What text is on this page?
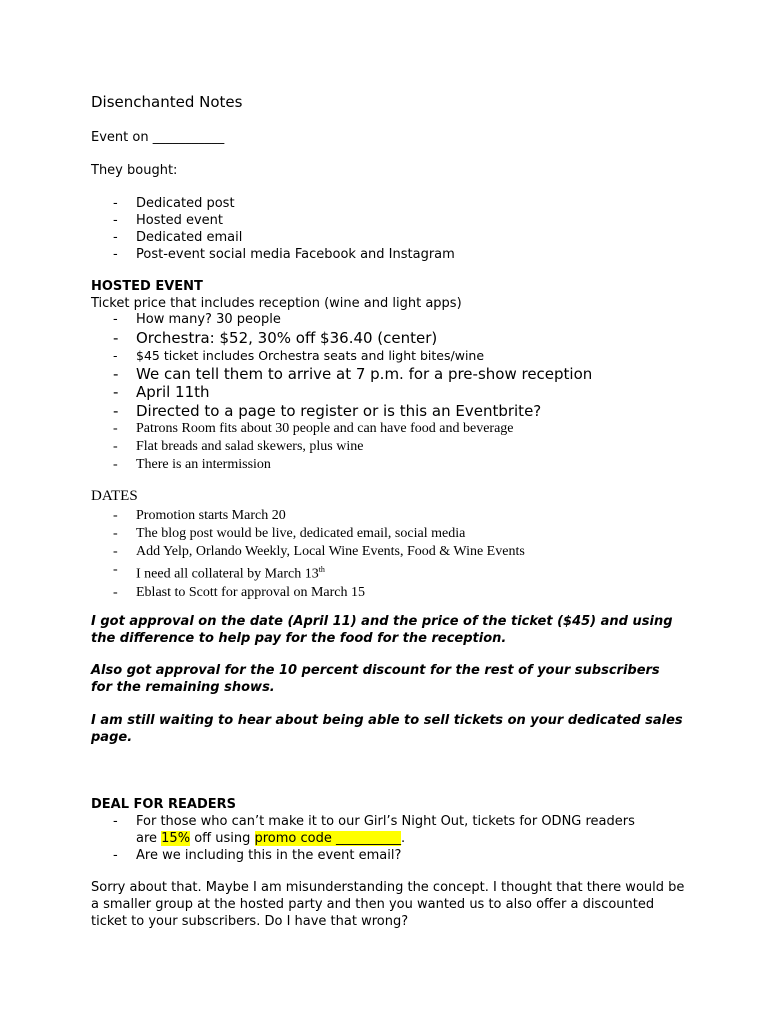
Disenchanted Notes
Event on ___________
They bought:
- Dedicated post
- Hosted event
- Dedicated email
- Post-event social media Facebook and Instagram
HOSTED EVENT
Ticket price that includes reception (wine and light apps)
- How many? 30 people
- Orchestra: $52, 30% off $36.40 (center)
- $45 ticket includes Orchestra seats and light bites/wine
- We can tell them to arrive at 7 p.m. for a pre-show reception
- April 11th
- Directed to a page to register or is this an Eventbrite?
- Patrons Room fits about 30 people and can have food and beverage
- Flat breads and salad skewers, plus wine
- There is an intermission
DATES
- Promotion starts March 20
- The blog post would be live, dedicated email, social media
- Add Yelp, Orlando Weekly, Local Wine Events, Food & Wine Events
- I need all collateral by March 13th
- Eblast to Scott for approval on March 15
I got approval on the date (April 11) and the price of the ticket ($45) and using the difference to help pay for the food for the reception.
Also got approval for the 10 percent discount for the rest of your subscribers for the remaining shows.
I am still waiting to hear about being able to sell tickets on your dedicated sales page.
DEAL FOR READERS
- For those who can’t make it to our Girl’s Night Out, tickets for ODNG readers
are 15% off using promo code __________.
- Are we including this in the event email?
Sorry about that. Maybe I am misunderstanding the concept. I thought that there would be a smaller group at the hosted party and then you wanted us to also offer a discounted ticket to your subscribers. Do I have that wrong?
